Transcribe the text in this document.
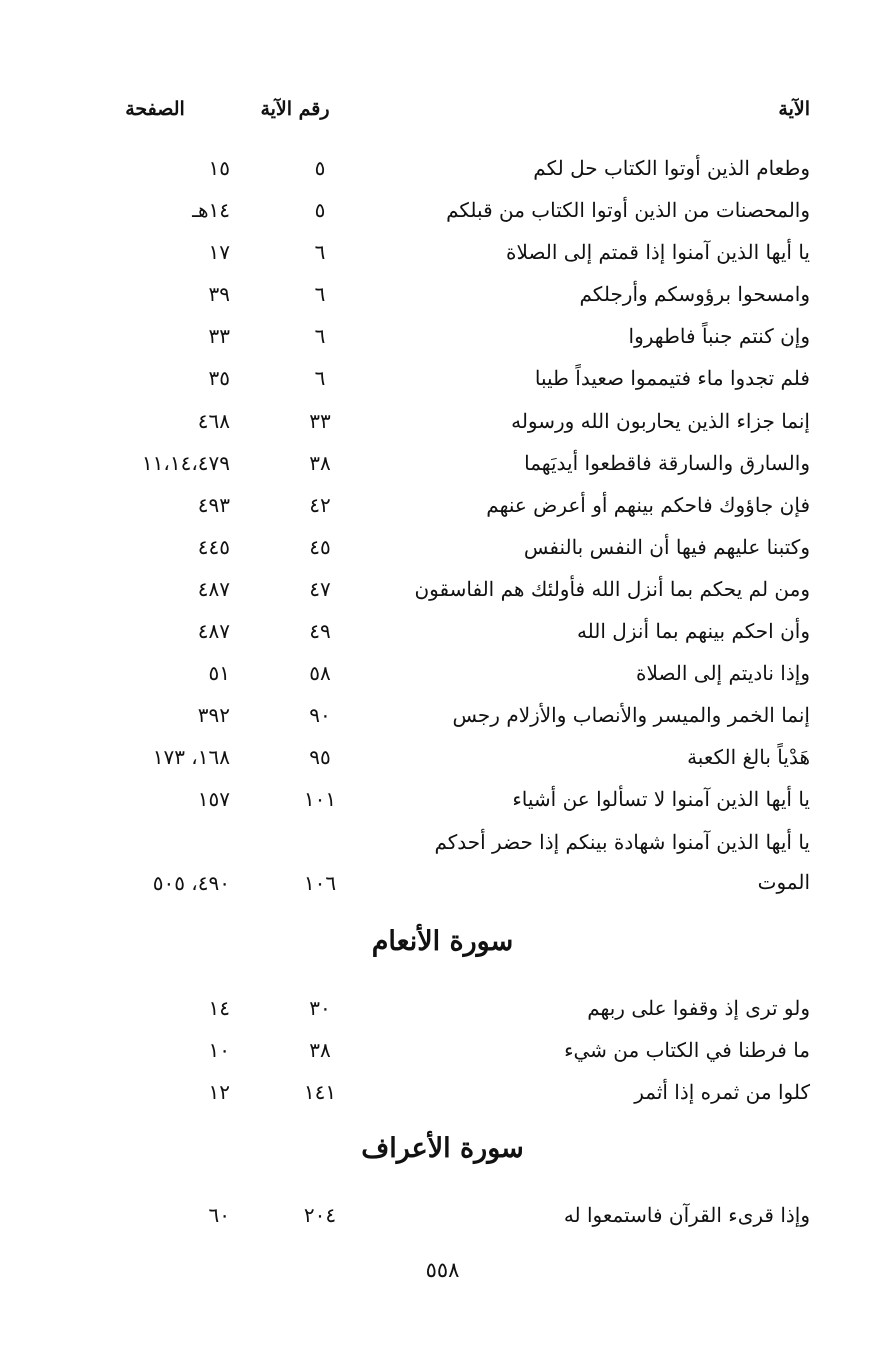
الآية
رقم الآية
الصفحة
وطعام الذين أوتوا الكتاب حل لكم
٥
١٥
والمحصنات من الذين أوتوا الكتاب من قبلكم
٥
١٤هـ
يا أيها الذين آمنوا إذا قمتم إلى الصلاة
٦
١٧
وامسحوا برؤوسكم وأرجلكم
٦
٣٩
وإن كنتم جنباً فاطهروا
٦
٣٣
فلم تجدوا ماء فتيمموا صعيداً طيبا
٦
٣٥
إنما جزاء الذين يحاربون الله ورسوله
٣٣
٤٦٨
والسارق والسارقة فاقطعوا أيديَهما
٣٨
١١،١٤،٤٧٩
فإن جاؤوك فاحكم بينهم أو أعرض عنهم
٤٢
٤٩٣
وكتبنا عليهم فيها أن النفس بالنفس
٤٥
٤٤٥
ومن لم يحكم بما أنزل الله فأولئك هم الفاسقون
٤٧
٤٨٧
وأن احكم بينهم بما أنزل الله
٤٩
٤٨٧
وإذا ناديتم إلى الصلاة
٥٨
٥١
إنما الخمر والميسر والأنصاب والأزلام رجس
٩٠
٣٩٢
هَدْياً بالغ الكعبة
٩٥
١٦٨، ١٧٣
يا أيها الذين آمنوا لا تسألوا عن أشياء
١٠١
١٥٧
يا أيها الذين آمنوا شهادة بينكم إذا حضر أحدكم
الموت
١٠٦
٤٩٠، ٥٠٥
سورة الأنعام
ولو ترى إذ وقفوا على ربهم
٣٠
١٤
ما فرطنا في الكتاب من شيء
٣٨
١٠
كلوا من ثمره إذا أثمر
١٤١
١٢
سورة الأعراف
وإذا قرىء القرآن فاستمعوا له
٢٠٤
٦٠
٥٥٨
